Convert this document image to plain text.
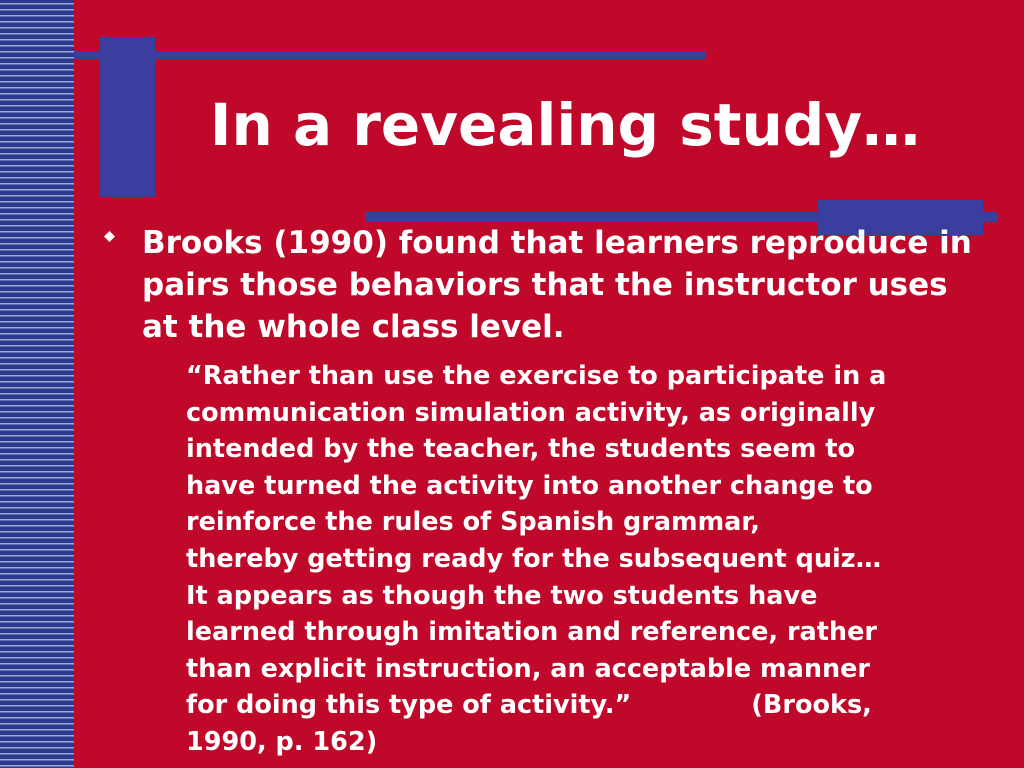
In a revealing study…

Brooks (1990) found that learners reproduce in pairs those behaviors that the instructor uses at the whole class level.

“Rather than use the exercise to participate in a
communication simulation activity, as originally
intended by the teacher, the students seem to
have turned the activity into another change to
reinforce the rules of Spanish grammar,
thereby getting ready for the subsequent quiz…
It appears as though the two students have
learned through imitation and reference, rather
than explicit instruction, an acceptable manner
for doing this type of activity.”	(Brooks,
1990, p. 162)
